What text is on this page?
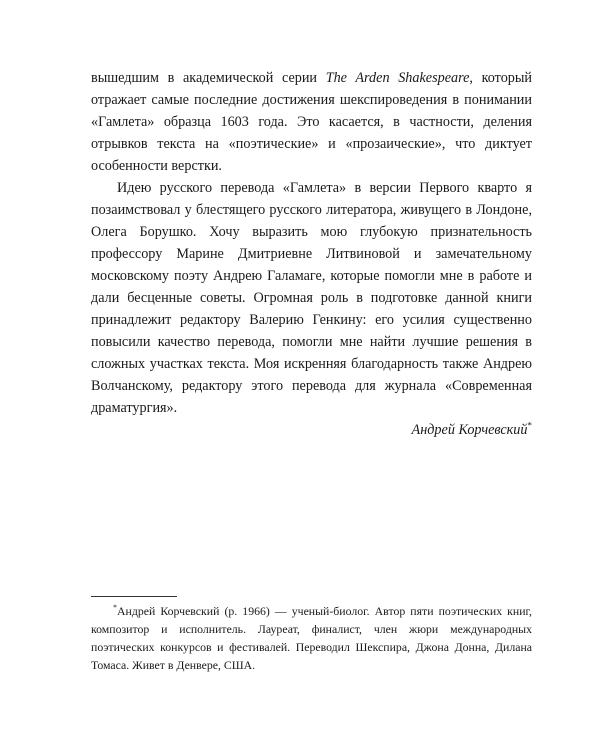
вышедшим в академической серии The Arden Shakespeare, который отражает самые последние достижения шекспироведения в понимании «Гамлета» образца 1603 года. Это касается, в частности, деления отрывков текста на «поэтические» и «прозаические», что диктует особенности верстки.

Идею русского перевода «Гамлета» в версии Первого кварто я позаимствовал у блестящего русского литератора, живущего в Лондоне, Олега Борушко. Хочу выразить мою глубокую признательность профессору Марине Дмитриевне Литвиновой и замечательному московскому поэту Андрею Галамаге, которые помогли мне в работе и дали бесценные советы. Огромная роль в подготовке данной книги принадлежит редактору Валерию Генкину: его усилия существенно повысили качество перевода, помогли мне найти лучшие решения в сложных участках текста. Моя искренняя благодарность также Андрею Волчанскому, редактору этого перевода для журнала «Современная драматургия».

Андрей Корчевский*

*Андрей Корчевский (р. 1966) — ученый-биолог. Автор пяти поэтических книг, композитор и исполнитель. Лауреат, финалист, член жюри международных поэтических конкурсов и фестивалей. Переводил Шекспира, Джона Донна, Дилана Томаса. Живет в Денвере, США.
